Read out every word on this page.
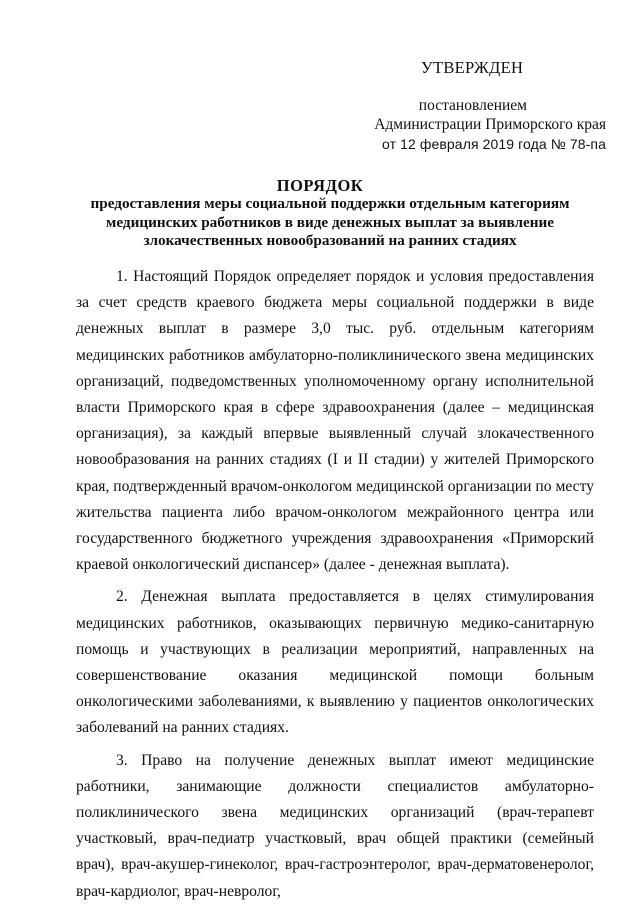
УТВЕРЖДЕН
постановлением
Администрации Приморского края
от 12 февраля 2019 года № 78-па
ПОРЯДОК
предоставления меры социальной поддержки отдельным категориям медицинских работников в виде денежных выплат за выявление злокачественных новообразований на ранних стадиях

1. Настоящий Порядок определяет порядок и условия предоставления за счет средств краевого бюджета меры социальной поддержки в виде денежных выплат в размере 3,0 тыс. руб. отдельным категориям медицинских работников амбулаторно-поликлинического звена медицинских организаций, подведомственных уполномоченному органу исполнительной власти Приморского края в сфере здравоохранения (далее – медицинская организация), за каждый впервые выявленный случай злокачественного новообразования на ранних стадиях (I и II стадии) у жителей Приморского края, подтвержденный врачом-онкологом медицинской организации по месту жительства пациента либо врачом-онкологом межрайонного центра или государственного бюджетного учреждения здравоохранения «Приморский краевой онкологический диспансер» (далее - денежная выплата).

2. Денежная выплата предоставляется в целях стимулирования медицинских работников, оказывающих первичную медико-санитарную помощь и участвующих в реализации мероприятий, направленных на совершенствование оказания медицинской помощи больным онкологическими заболеваниями, к выявлению у пациентов онкологических заболеваний на ранних стадиях.

3. Право на получение денежных выплат имеют медицинские работники, занимающие должности специалистов амбулаторно-поликлинического звена медицинских организаций (врач-терапевт участковый, врач-педиатр участковый, врач общей практики (семейный врач), врач-акушер-гинеколог, врач-гастроэнтеролог, врач-дерматовенеролог, врач-кардиолог, врач-невролог,
